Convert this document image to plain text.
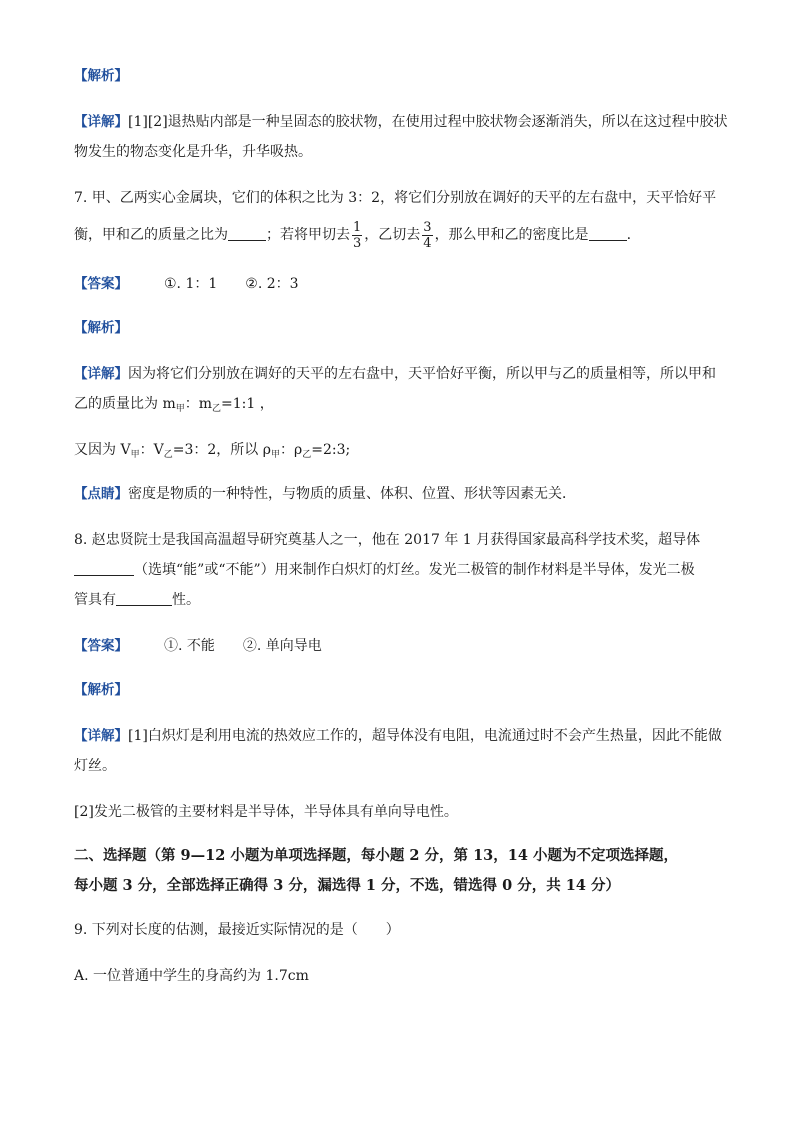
【解析】
【详解】[1][2]退热贴内部是一种呈固态的胶状物，在使用过程中胶状物会逐渐消失，所以在这过程中胶状
物发生的物态变化是升华，升华吸热。
7. 甲、乙两实心金属块，它们的体积之比为 3：2，将它们分别放在调好的天平的左右盘中，天平恰好平
衡，甲和乙的质量之比为	；若将甲切去 $\frac{1}{3}$ ，乙切去 $\frac{3}{4}$ ，那么甲和乙的密度比是	.
【答案】	①. 1：1 ②. 2：3
【解析】
【详解】因为将它们分别放在调好的天平的左右盘中，天平恰好平衡，所以甲与乙的质量相等，所以甲和
乙的质量比为 $m_甲$：$m_乙=1:1$ ，
又因为 $V_甲$：$V_乙=3$：2，所以 $\rho_甲$：$\rho_乙=2:3$;
【点睛】密度是物质的一种特性，与物质的质量、体积、位置、形状等因素无关．
8. 赵忠贤院士是我国高温超导研究奠基人之一，他在 2017 年 1 月获得国家最高科学技术奖，超导体
（选填“能”或“不能”）用来制作白炽灯的灯丝。发光二极管的制作材料是半导体，发光二极
管具有	性。
【答案】	①. 不能 ②. 单向导电
【解析】
【详解】[1]白炽灯是利用电流的热效应工作的，超导体没有电阻，电流通过时不会产生热量，因此不能做
灯丝。
[2]发光二极管的主要材料是半导体，半导体具有单向导电性。
二、选择题（第 9—12 小题为单项选择题，每小题 2 分，第 13，14 小题为不定项选择题，
每小题 3 分，全部选择正确得 3 分，漏选得 1 分，不选，错选得 0 分，共 14 分）
9. 下列对长度的估测，最接近实际情况的是（　　）
A. 一位普通中学生的身高约为 1.7cm
